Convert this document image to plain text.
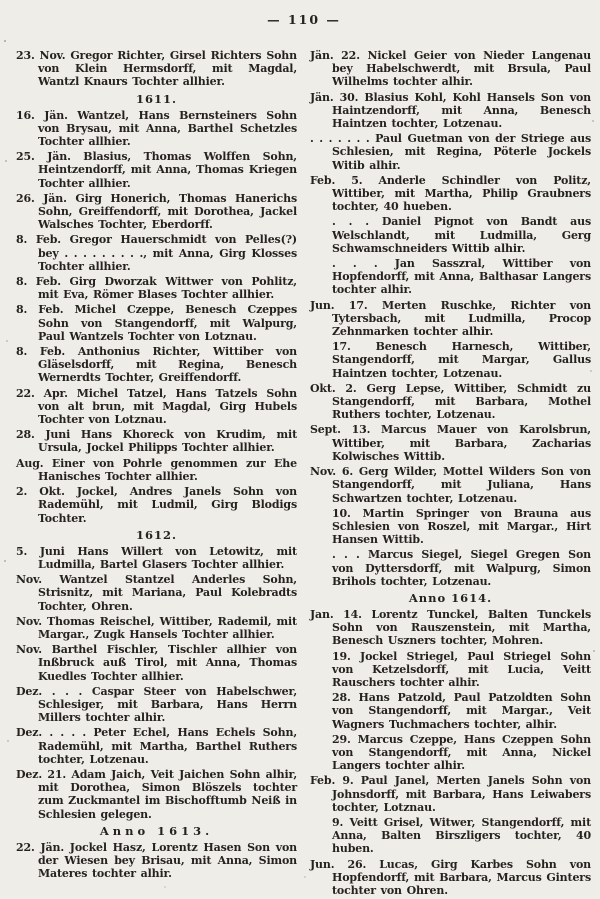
— 110 —

23. Nov. Gregor Richter, Girsel Richters Sohn von Klein Hermsdorff, mit Magdal, Wantzl Knaurs Tochter allhier.

1611.

16. Jän. Wantzel, Hans Bernsteiners Sohn von Brysau, mit Anna, Barthel Schetzles Tochter allhier.

25. Jän. Blasius, Thomas Wolffen Sohn, Heintzendorff, mit Anna, Thomas Kriegen Tochter allhier.

26. Jän. Girg Honerich, Thomas Hanerichs Sohn, Greiffendorff, mit Dorothea, Jackel Walsches Tochter, Eberdorff.

8. Feb. Gregor Hauerschmidt von Pelles(?) bey . . . . . . . . ., mit Anna, Girg Klosses Tochter allhier.

8. Feb. Girg Dworzak Wittwer von Pohlitz, mit Eva, Römer Blases Tochter allhier.

8. Feb. Michel Czeppe, Benesch Czeppes Sohn von Stangendorff, mit Walpurg, Paul Wantzels Tochter von Lotznau.

8. Feb. Anthonius Richter, Wittiber von Gläselsdorff, mit Regina, Benesch Wernerdts Tochter, Greiffendorff.

22. Apr. Michel Tatzel, Hans Tatzels Sohn von alt brun, mit Magdal, Girg Hubels Tochter von Lotznau.

28. Juni Hans Khoreck von Krudim, mit Ursula, Jockel Philipps Tochter allhier.

Aug. Einer von Pohrle genommen zur Ehe Hanisches Tochter allhier.

2. Okt. Jockel, Andres Janels Sohn von Rademühl, mit Ludmil, Girg Blodigs Tochter.

1612.

5. Juni Hans Willert von Letowitz, mit Ludmilla, Bartel Glasers Tochter allhier.

Nov. Wantzel Stantzel Anderles Sohn, Strisnitz, mit Mariana, Paul Kolebradts Tochter, Ohren.

Nov. Thomas Reischel, Wittiber, Rademil, mit Margar., Zugk Hansels Tochter allhier.

Nov. Barthel Fischler, Tischler allhier von Inßbruck auß Tirol, mit Anna, Thomas Kuedles Tochter allhier.

Dez. . . . Caspar Steer von Habelschwer, Schlesiger, mit Barbara, Hans Herrn Millers tochter alhir.

Dez. . . . . Peter Echel, Hans Echels Sohn, Rademühl, mit Martha, Barthel Ruthers tochter, Lotzenau.

Dez. 21. Adam Jaich, Veit Jaichen Sohn alhir, mit Dorothea, Simon Blöszels tochter zum Zuckmantel im Bischofftumb Neiß in Schlesien gelegen.

Anno 1613.

22. Jän. Jockel Hasz, Lorentz Hasen Son von der Wiesen bey Brisau, mit Anna, Simon Materes tochter alhir.

Jän. 22. Nickel Geier von Nieder Langenau bey Habelschwerdt, mit Brsula, Paul Wilhelms tochter alhir.

Jän. 30. Blasius Kohl, Kohl Hansels Son von Haintzendorff, mit Anna, Benesch Haintzen tochter, Lotzenau.

. . . . . . . Paul Guetman von der Striege aus Schlesien, mit Regina, Pöterle Jockels Witib alhir.

Feb. 5. Anderle Schindler von Politz, Wittiber, mit Martha, Philip Graubners tochter, 40 hueben.

. . . Daniel Pignot von Bandt aus Welschlandt, mit Ludmilla, Gerg Schwamschneiders Wittib alhir.

. . . Jan Sasszral, Wittiber von Hopfendorff, mit Anna, Balthasar Langers tochter alhir.

Jun. 17. Merten Ruschke, Richter von Tytersbach, mit Ludmilla, Procop Zehnmarken tochter alhir.

17. Benesch Harnesch, Wittiber, Stangendorff, mit Margar, Gallus Haintzen tochter, Lotzenau.

Okt. 2. Gerg Lepse, Wittiber, Schmidt zu Stangendorff, mit Barbara, Mothel Ruthers tochter, Lotzenau.

Sept. 13. Marcus Mauer von Karolsbrun, Wittiber, mit Barbara, Zacharias Kolwisches Wittib.

Nov. 6. Gerg Wilder, Mottel Wilders Son von Stangendorff, mit Juliana, Hans Schwartzen tochter, Lotzenau.

10. Martin Springer von Brauna aus Schlesien von Roszel, mit Margar., Hirt Hansen Wittib.

. . . Marcus Siegel, Siegel Gregen Son von Dyttersdorff, mit Walpurg, Simon Brihols tochter, Lotzenau.

Anno 1614.

Jan. 14. Lorentz Tunckel, Balten Tunckels Sohn von Rauszenstein, mit Martha, Benesch Uszners tochter, Mohren.

19. Jockel Striegel, Paul Striegel Sohn von Ketzelsdorff, mit Lucia, Veitt Rauschers tochter alhir.

28. Hans Patzold, Paul Patzoldten Sohn von Stangendorff, mit Margar., Veit Wagners Tuchmachers tochter, alhir.

29. Marcus Czeppe, Hans Czeppen Sohn von Stangendorff, mit Anna, Nickel Langers tochter alhir.

Feb. 9. Paul Janel, Merten Janels Sohn von Johnsdorff, mit Barbara, Hans Leiwabers tochter, Lotznau.

9. Veitt Grisel, Witwer, Stangendorff, mit Anna, Balten Birszligers tochter, 40 huben.

Jun. 26. Lucas, Girg Karbes Sohn von Hopfendorff, mit Barbara, Marcus Ginters tochter von Ohren.
